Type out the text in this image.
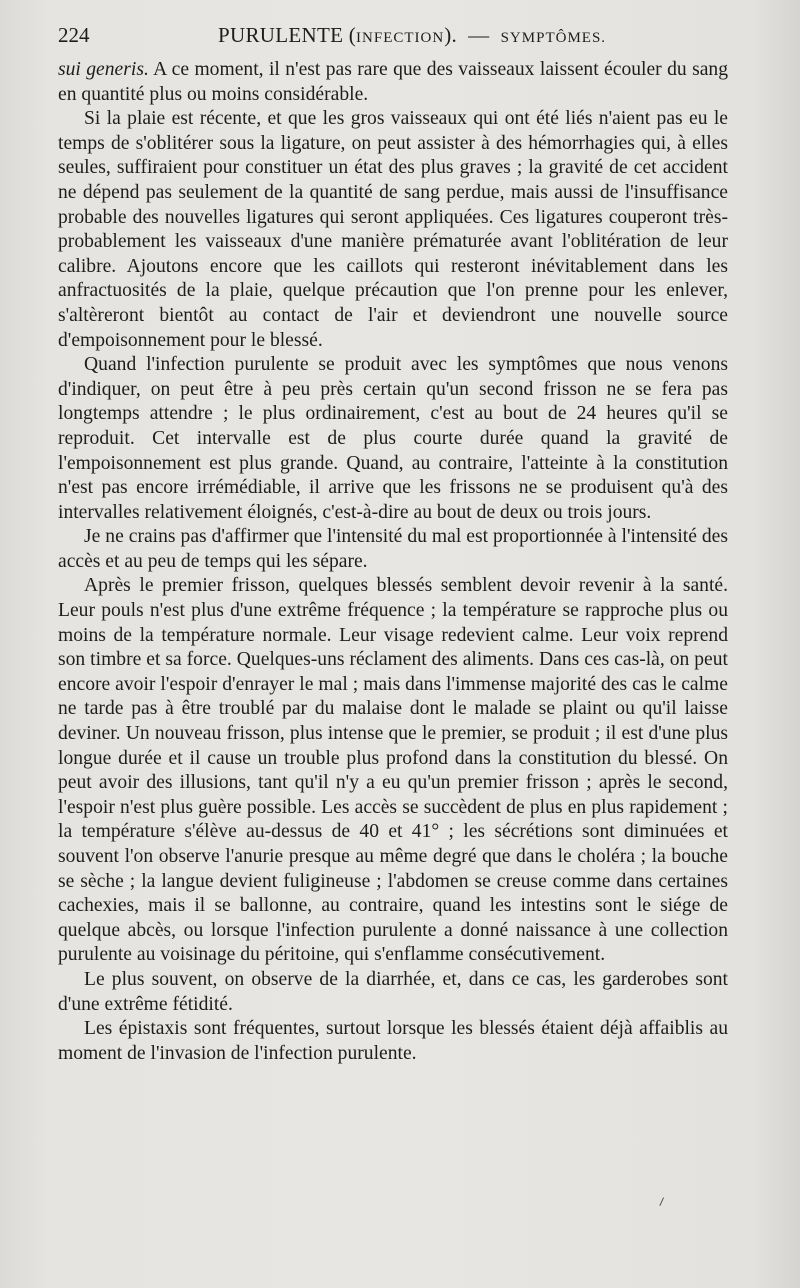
224	PURULENTE (INFECTION). — SYMPTÔMES.

sui generis. A ce moment, il n'est pas rare que des vaisseaux laissent écouler du sang en quantité plus ou moins considérable.

Si la plaie est récente, et que les gros vaisseaux qui ont été liés n'aient pas eu le temps de s'oblitérer sous la ligature, on peut assister à des hémorrhagies qui, à elles seules, suffiraient pour constituer un état des plus graves ; la gravité de cet accident ne dépend pas seulement de la quantité de sang perdue, mais aussi de l'insuffisance probable des nouvelles ligatures qui seront appliquées. Ces ligatures couperont très-probablement les vaisseaux d'une manière prématurée avant l'oblitération de leur calibre. Ajoutons encore que les caillots qui resteront inévitablement dans les anfractuosités de la plaie, quelque précaution que l'on prenne pour les enlever, s'altèreront bientôt au contact de l'air et deviendront une nouvelle source d'empoisonnement pour le blessé.

Quand l'infection purulente se produit avec les symptômes que nous venons d'indiquer, on peut être à peu près certain qu'un second frisson ne se fera pas longtemps attendre ; le plus ordinairement, c'est au bout de 24 heures qu'il se reproduit. Cet intervalle est de plus courte durée quand la gravité de l'empoisonnement est plus grande. Quand, au contraire, l'atteinte à la constitution n'est pas encore irrémédiable, il arrive que les frissons ne se produisent qu'à des intervalles relativement éloignés, c'est-à-dire au bout de deux ou trois jours.

Je ne crains pas d'affirmer que l'intensité du mal est proportionnée à l'intensité des accès et au peu de temps qui les sépare.

Après le premier frisson, quelques blessés semblent devoir revenir à la santé. Leur pouls n'est plus d'une extrême fréquence ; la température se rapproche plus ou moins de la température normale. Leur visage redevient calme. Leur voix reprend son timbre et sa force. Quelques-uns réclament des aliments. Dans ces cas-là, on peut encore avoir l'espoir d'enrayer le mal ; mais dans l'immense majorité des cas le calme ne tarde pas à être troublé par du malaise dont le malade se plaint ou qu'il laisse deviner. Un nouveau frisson, plus intense que le premier, se produit ; il est d'une plus longue durée et il cause un trouble plus profond dans la constitution du blessé. On peut avoir des illusions, tant qu'il n'y a eu qu'un premier frisson ; après le second, l'espoir n'est plus guère possible. Les accès se succèdent de plus en plus rapidement ; la température s'élève au-dessus de 40 et 41° ; les sécrétions sont diminuées et souvent l'on observe l'anurie presque au même degré que dans le choléra ; la bouche se sèche ; la langue devient fuligineuse ; l'abdomen se creuse comme dans certaines cachexies, mais il se ballonne, au contraire, quand les intestins sont le siége de quelque abcès, ou lorsque l'infection purulente a donné naissance à une collection purulente au voisinage du péritoine, qui s'enflamme consécutivement.

Le plus souvent, on observe de la diarrhée, et, dans ce cas, les garderobes sont d'une extrême fétidité.

Les épistaxis sont fréquentes, surtout lorsque les blessés étaient déjà affaiblis au moment de l'invasion de l'infection purulente.
